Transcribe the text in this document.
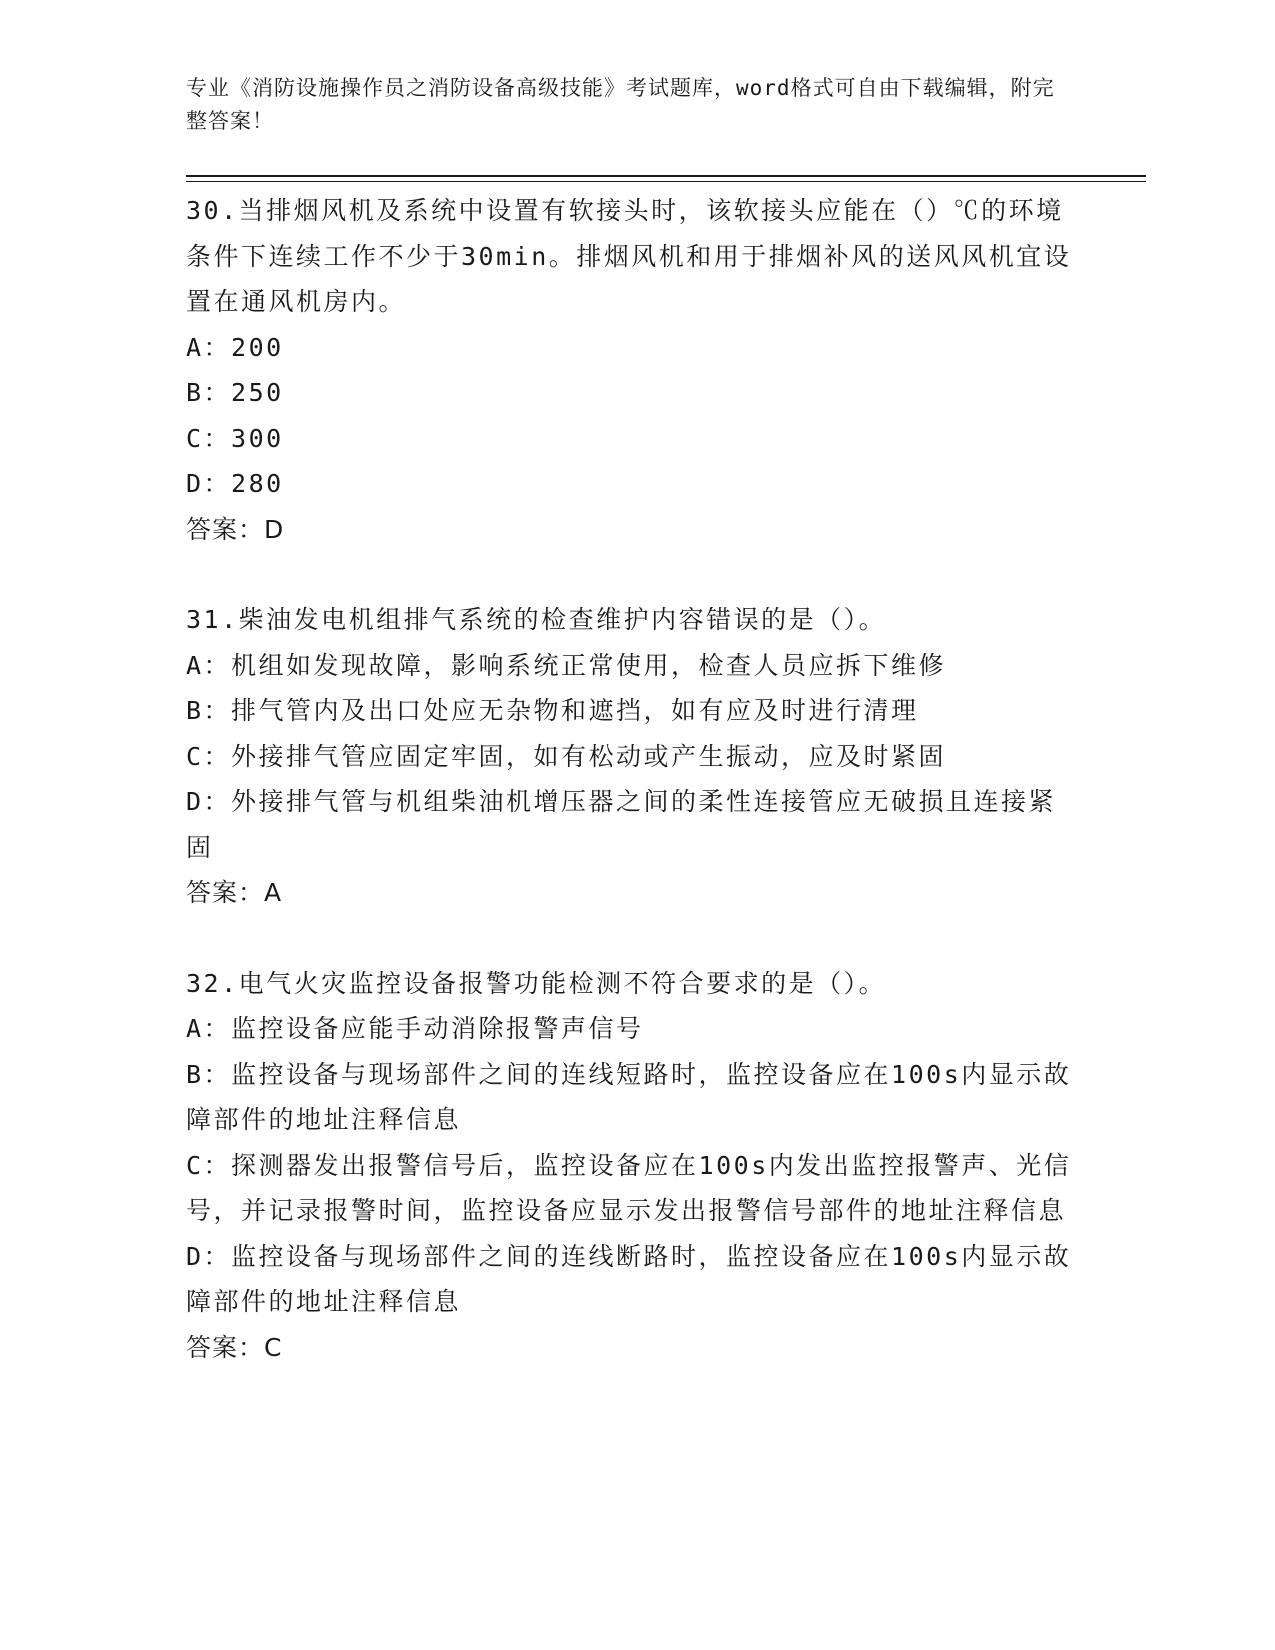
专业《消防设施操作员之消防设备高级技能》考试题库，word格式可自由下载编辑，附完整答案！
30.当排烟风机及系统中设置有软接头时，该软接头应能在（）℃的环境条件下连续工作不少于30min。排烟风机和用于排烟补风的送风风机宜设置在通风机房内。
A：200
B：250
C：300
D：280
答案：D
31.柴油发电机组排气系统的检查维护内容错误的是（）。
A：机组如发现故障，影响系统正常使用，检查人员应拆下维修
B：排气管内及出口处应无杂物和遮挡，如有应及时进行清理
C：外接排气管应固定牢固，如有松动或产生振动，应及时紧固
D：外接排气管与机组柴油机增压器之间的柔性连接管应无破损且连接紧固
答案：A
32.电气火灾监控设备报警功能检测不符合要求的是（）。
A：监控设备应能手动消除报警声信号
B：监控设备与现场部件之间的连线短路时，监控设备应在100s内显示故障部件的地址注释信息
C：探测器发出报警信号后，监控设备应在100s内发出监控报警声、光信号，并记录报警时间，监控设备应显示发出报警信号部件的地址注释信息
D：监控设备与现场部件之间的连线断路时，监控设备应在100s内显示故障部件的地址注释信息
答案：C
